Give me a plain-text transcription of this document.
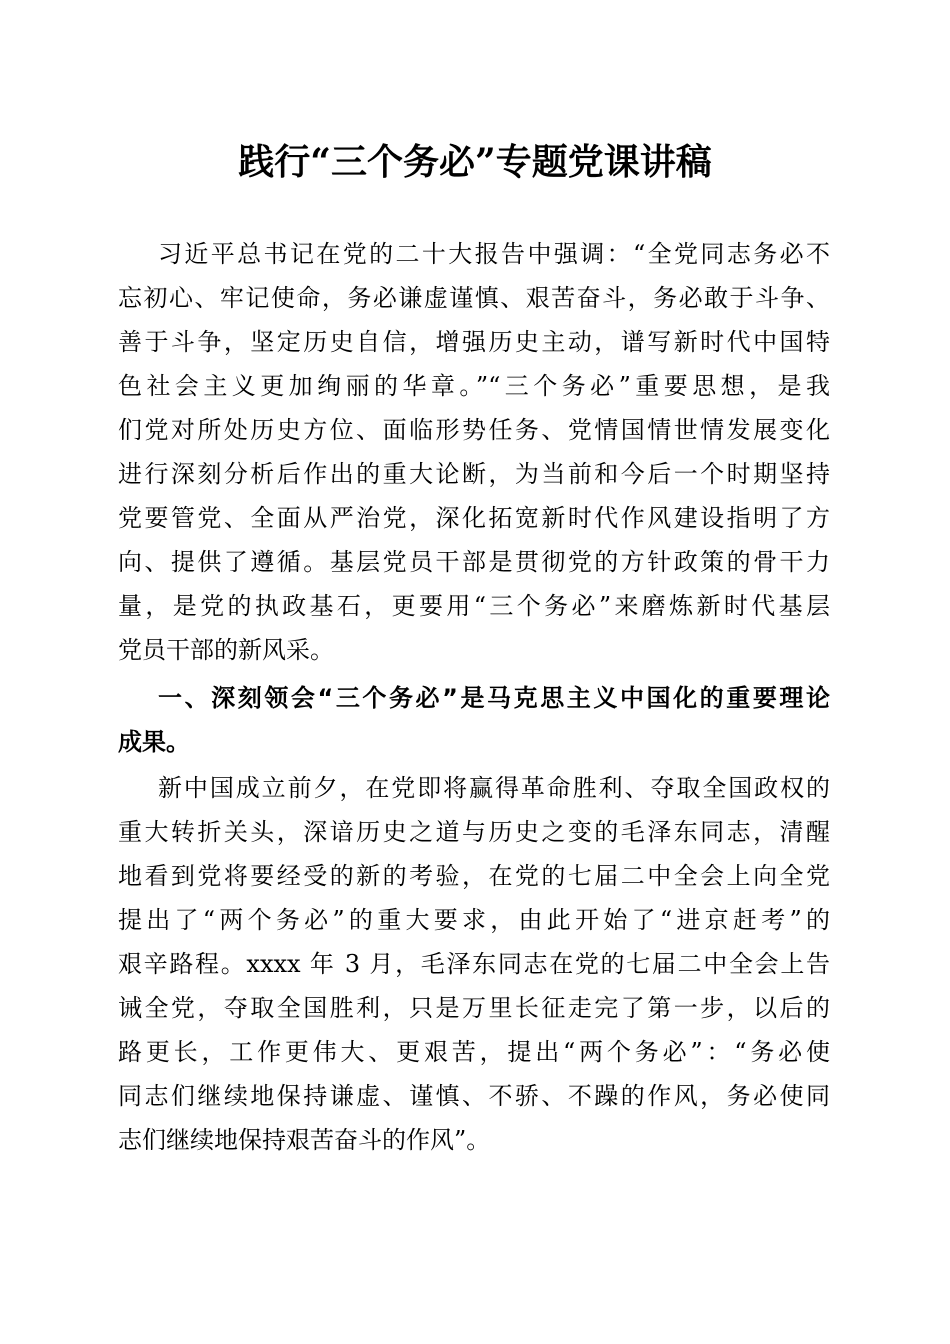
践行“三个务必”专题党课讲稿

习近平总书记在党的二十大报告中强调：“全党同志务必不

忘初心、牢记使命，务必谦虚谨慎、艰苦奋斗，务必敢于斗争、

善于斗争，坚定历史自信，增强历史主动，谱写新时代中国特

色社会主义更加绚丽的华章。”“三个务必”重要思想，是我

们党对所处历史方位、面临形势任务、党情国情世情发展变化

进行深刻分析后作出的重大论断，为当前和今后一个时期坚持

党要管党、全面从严治党，深化拓宽新时代作风建设指明了方

向、提供了遵循。基层党员干部是贯彻党的方针政策的骨干力

量，是党的执政基石，更要用“三个务必”来磨炼新时代基层

党员干部的新风采。

一、深刻领会“三个务必”是马克思主义中国化的重要理论

成果。

新中国成立前夕，在党即将赢得革命胜利、夺取全国政权的

重大转折关头，深谙历史之道与历史之变的毛泽东同志，清醒

地看到党将要经受的新的考验，在党的七届二中全会上向全党

提出了“两个务必”的重大要求，由此开始了“进京赶考”的

艰辛路程。xxxx 年 3 月，毛泽东同志在党的七届二中全会上告

诫全党，夺取全国胜利，只是万里长征走完了第一步，以后的

路更长，工作更伟大、更艰苦，提出“两个务必”：“务必使

同志们继续地保持谦虚、谨慎、不骄、不躁的作风，务必使同

志们继续地保持艰苦奋斗的作风”。
